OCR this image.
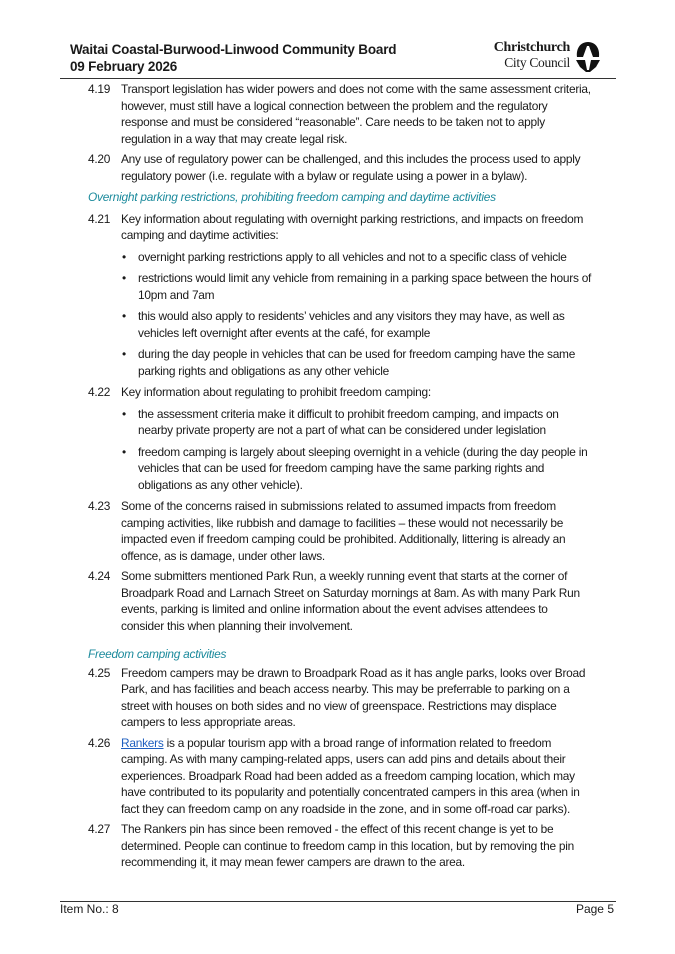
Waitai Coastal-Burwood-Linwood Community Board
09 February 2026
Christchurch
City Council
4.19 Transport legislation has wider powers and does not come with the same assessment criteria,
however, must still have a logical connection between the problem and the regulatory
response and must be considered “reasonable”. Care needs to be taken not to apply
regulation in a way that may create legal risk.
4.20 Any use of regulatory power can be challenged, and this includes the process used to apply
regulatory power (i.e. regulate with a bylaw or regulate using a power in a bylaw).
Overnight parking restrictions, prohibiting freedom camping and daytime activities
4.21 Key information about regulating with overnight parking restrictions, and impacts on freedom
camping and daytime activities:
• overnight parking restrictions apply to all vehicles and not to a specific class of vehicle
• restrictions would limit any vehicle from remaining in a parking space between the hours of
10pm and 7am
• this would also apply to residents’ vehicles and any visitors they may have, as well as
vehicles left overnight after events at the café, for example
• during the day people in vehicles that can be used for freedom camping have the same
parking rights and obligations as any other vehicle
4.22 Key information about regulating to prohibit freedom camping:
• the assessment criteria make it difficult to prohibit freedom camping, and impacts on
nearby private property are not a part of what can be considered under legislation
• freedom camping is largely about sleeping overnight in a vehicle (during the day people in
vehicles that can be used for freedom camping have the same parking rights and
obligations as any other vehicle).
4.23 Some of the concerns raised in submissions related to assumed impacts from freedom
camping activities, like rubbish and damage to facilities – these would not necessarily be
impacted even if freedom camping could be prohibited. Additionally, littering is already an
offence, as is damage, under other laws.
4.24 Some submitters mentioned Park Run, a weekly running event that starts at the corner of
Broadpark Road and Larnach Street on Saturday mornings at 8am. As with many Park Run
events, parking is limited and online information about the event advises attendees to
consider this when planning their involvement.
Freedom camping activities
4.25 Freedom campers may be drawn to Broadpark Road as it has angle parks, looks over Broad
Park, and has facilities and beach access nearby. This may be preferrable to parking on a
street with houses on both sides and no view of greenspace. Restrictions may displace
campers to less appropriate areas.
4.26 Rankers is a popular tourism app with a broad range of information related to freedom
camping. As with many camping-related apps, users can add pins and details about their
experiences. Broadpark Road had been added as a freedom camping location, which may
have contributed to its popularity and potentially concentrated campers in this area (when in
fact they can freedom camp on any roadside in the zone, and in some off-road car parks).
4.27 The Rankers pin has since been removed - the effect of this recent change is yet to be
determined. People can continue to freedom camp in this location, but by removing the pin
recommending it, it may mean fewer campers are drawn to the area.
Item No.: 8	Page 5
